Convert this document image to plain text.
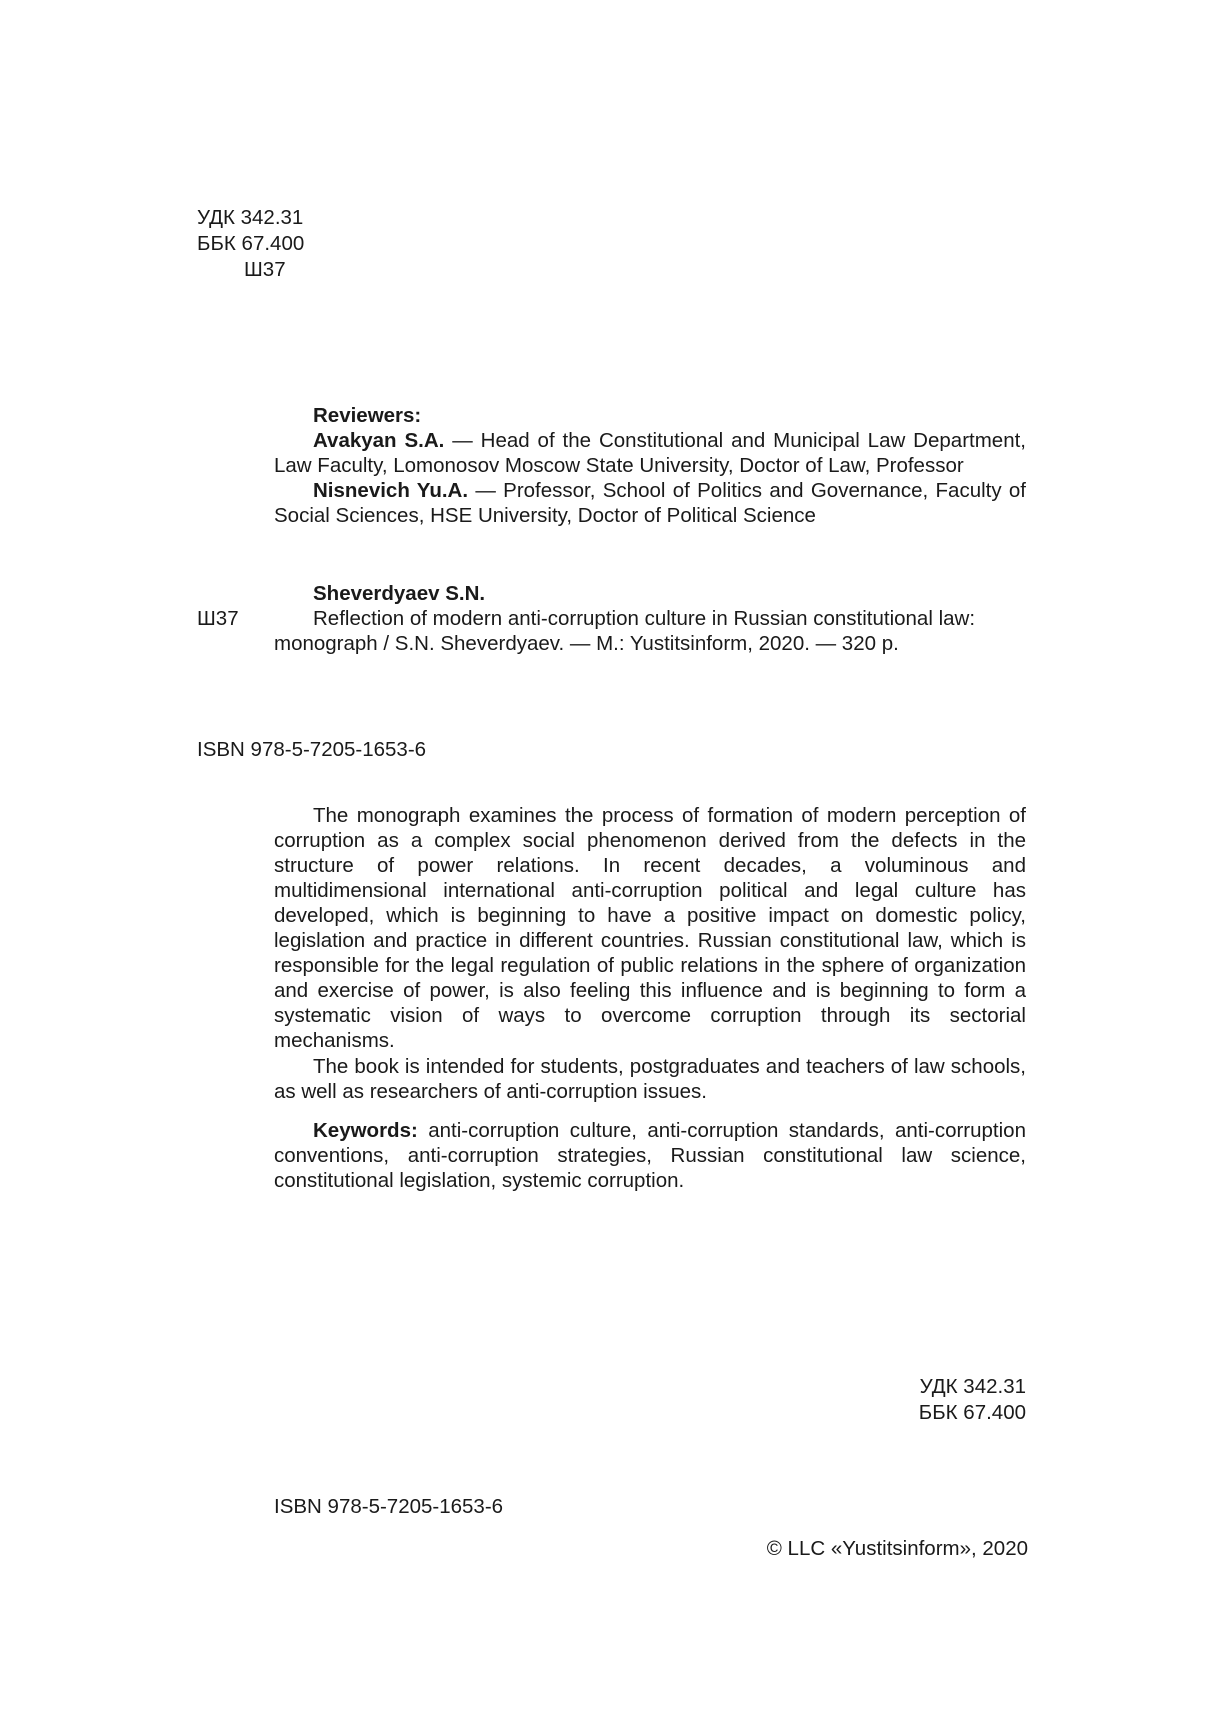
УДК 342.31
ББК 67.400
Ш37
Reviewers:
Avakyan S.A. — Head of the Constitutional and Municipal Law Department, Law Faculty, Lomonosov Moscow State University, Doctor of Law, Professor
Nisnevich Yu.A. — Professor, School of Politics and Governance, Faculty of Social Sciences, HSE University, Doctor of Political Science
Sheverdyaev S.N.
Ш37	Reflection of modern anti-corruption culture in Russian constitutional law: monograph / S.N. Sheverdyaev. — M.: Yustitsinform, 2020. — 320 p.
ISBN 978-5-7205-1653-6

The monograph examines the process of formation of modern perception of corruption as a complex social phenomenon derived from the defects in the structure of power relations. In recent decades, a voluminous and multidimensional international anti-corruption political and legal culture has developed, which is beginning to have a positive impact on domestic policy, legislation and practice in different countries. Russian constitutional law, which is responsible for the legal regulation of public relations in the sphere of organization and exercise of power, is also feeling this influence and is beginning to form a systematic vision of ways to overcome corruption through its sectorial mechanisms.

The book is intended for students, postgraduates and teachers of law schools, as well as researchers of anti-corruption issues.

Keywords: anti-corruption culture, anti-corruption standards, anti-corruption conventions, anti-corruption strategies, Russian constitutional law science, constitutional legislation, systemic corruption.

УДК 342.31
ББК 67.400
ISBN 978-5-7205-1653-6
© LLC «Yustitsinform», 2020
